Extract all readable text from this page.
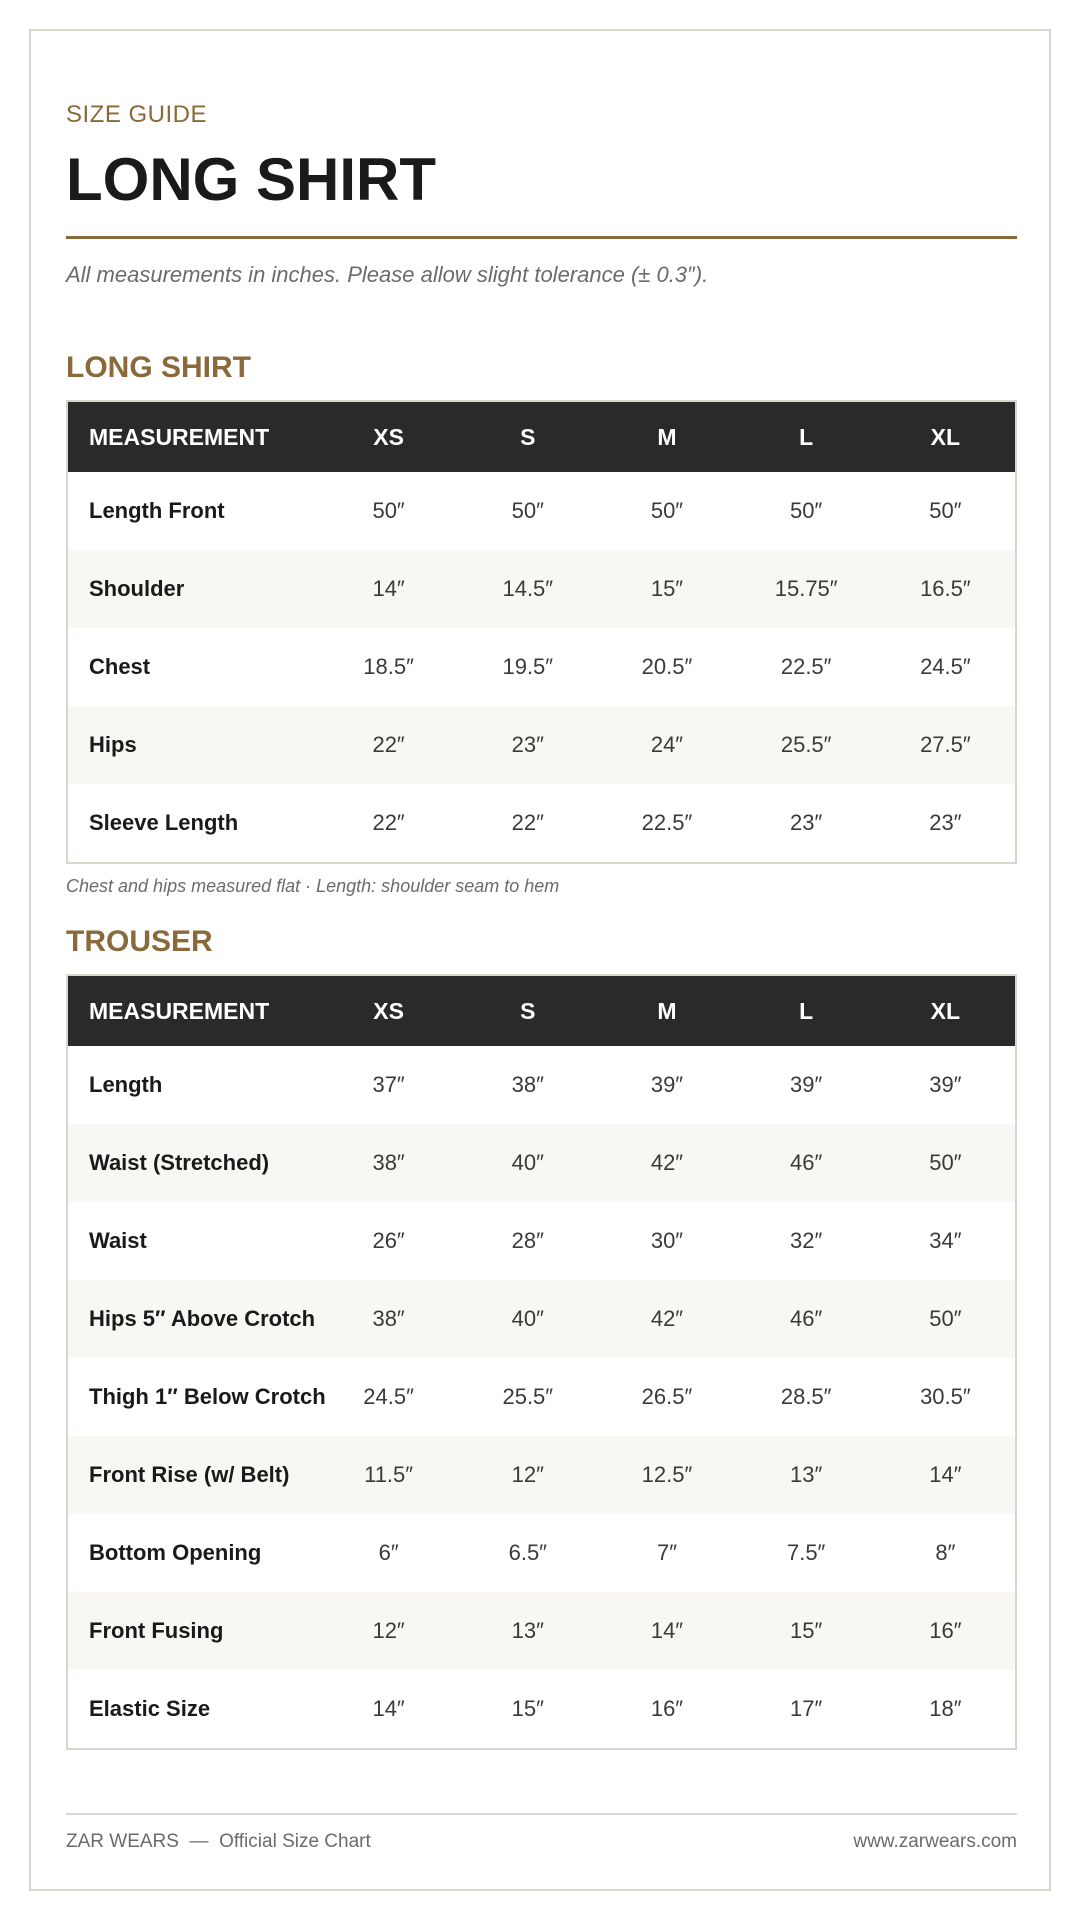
SIZE GUIDE
LONG SHIRT
All measurements in inches. Please allow slight tolerance (± 0.3″).
LONG SHIRT
MEASUREMENT	XS	S	M	L	XL
Length Front	50″	50″	50″	50″	50″
Shoulder	14″	14.5″	15″	15.75″	16.5″
Chest	18.5″	19.5″	20.5″	22.5″	24.5″
Hips	22″	23″	24″	25.5″	27.5″
Sleeve Length	22″	22″	22.5″	23″	23″
Chest and hips measured flat · Length: shoulder seam to hem
TROUSER
MEASUREMENT	XS	S	M	L	XL
Length	37″	38″	39″	39″	39″
Waist (Stretched)	38″	40″	42″	46″	50″
Waist	26″	28″	30″	32″	34″
Hips 5″ Above Crotch	38″	40″	42″	46″	50″
Thigh 1″ Below Crotch	24.5″	25.5″	26.5″	28.5″	30.5″
Front Rise (w/ Belt)	11.5″	12″	12.5″	13″	14″
Bottom Opening	6″	6.5″	7″	7.5″	8″
Front Fusing	12″	13″	14″	15″	16″
Elastic Size	14″	15″	16″	17″	18″
ZAR WEARS  —  Official Size Chart	www.zarwears.com
